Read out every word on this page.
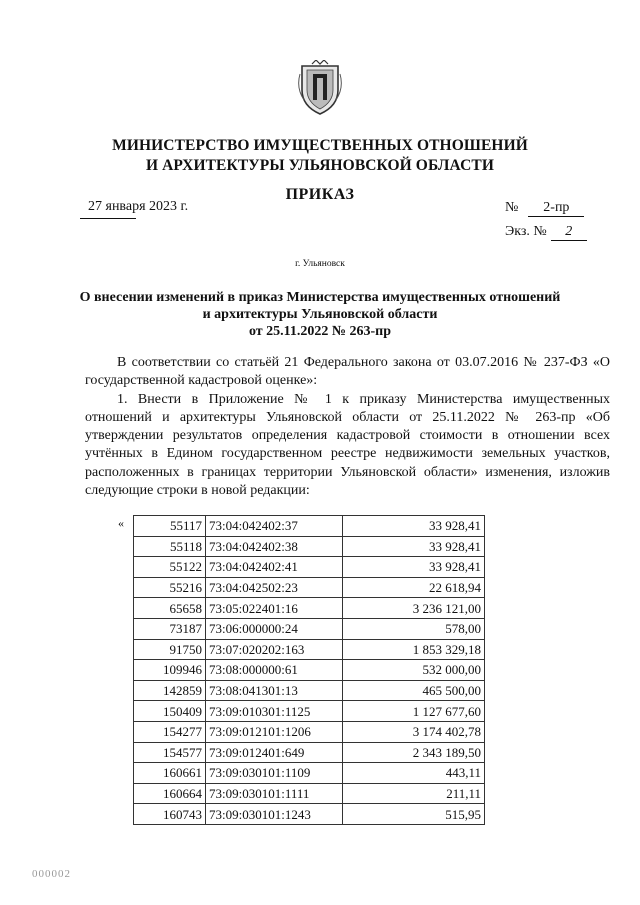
МИНИСТЕРСТВО ИМУЩЕСТВЕННЫХ ОТНОШЕНИЙ
И АРХИТЕКТУРЫ УЛЬЯНОВСКОЙ ОБЛАСТИ
ПРИКАЗ
27 января 2023 г.	№ 2-пр
Экз. № 2
г. Ульяновск
О внесении изменений в приказ Министерства имущественных отношений
и архитектуры Ульяновской области
от 25.11.2022 № 263-пр

В соответствии со статьёй 21 Федерального закона от 03.07.2016 № 237-ФЗ «О государственной кадастровой оценке»:

1. Внести в Приложение № 1 к приказу Министерства имущественных отношений и архитектуры Ульяновской области от 25.11.2022 № 263-пр «Об утверждении результатов определения кадастровой стоимости в отношении всех учтённых в Едином государственном реестре недвижимости земельных участков, расположенных в границах территории Ульяновской области» изменения, изложив следующие строки в новой редакции:

«	55117	73:04:042402:37	33 928,41
55118	73:04:042402:38	33 928,41
55122	73:04:042402:41	33 928,41
55216	73:04:042502:23	22 618,94
65658	73:05:022401:16	3 236 121,00
73187	73:06:000000:24	578,00
91750	73:07:020202:163	1 853 329,18
109946	73:08:000000:61	532 000,00
142859	73:08:041301:13	465 500,00
150409	73:09:010301:1125	1 127 677,60
154277	73:09:012101:1206	3 174 402,78
154577	73:09:012401:649	2 343 189,50
160661	73:09:030101:1109	443,11
160664	73:09:030101:1111	211,11
160743	73:09:030101:1243	515,95
000002
